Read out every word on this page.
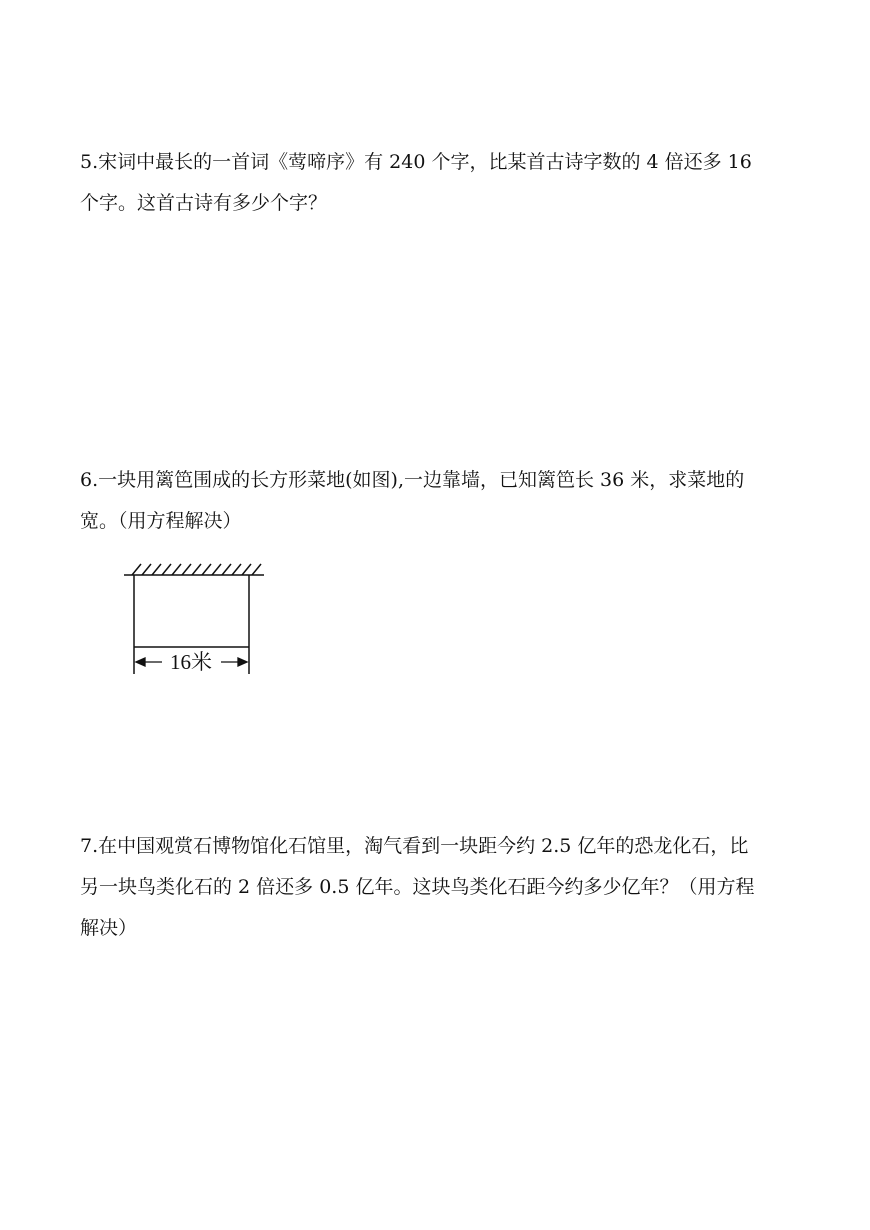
5.宋词中最长的一首词《莺啼序》有 240 个字，比某首古诗字数的 4 倍还多 16
个字。这首古诗有多少个字？
6.一块用篱笆围成的长方形菜地(如图),一边靠墙，已知篱笆长 36 米，求菜地的
宽。（用方程解决）
16米
7.在中国观赏石博物馆化石馆里，淘气看到一块距今约 2.5 亿年的恐龙化石，比
另一块鸟类化石的 2 倍还多 0.5 亿年。这块鸟类化石距今约多少亿年？（用方程
解决）
